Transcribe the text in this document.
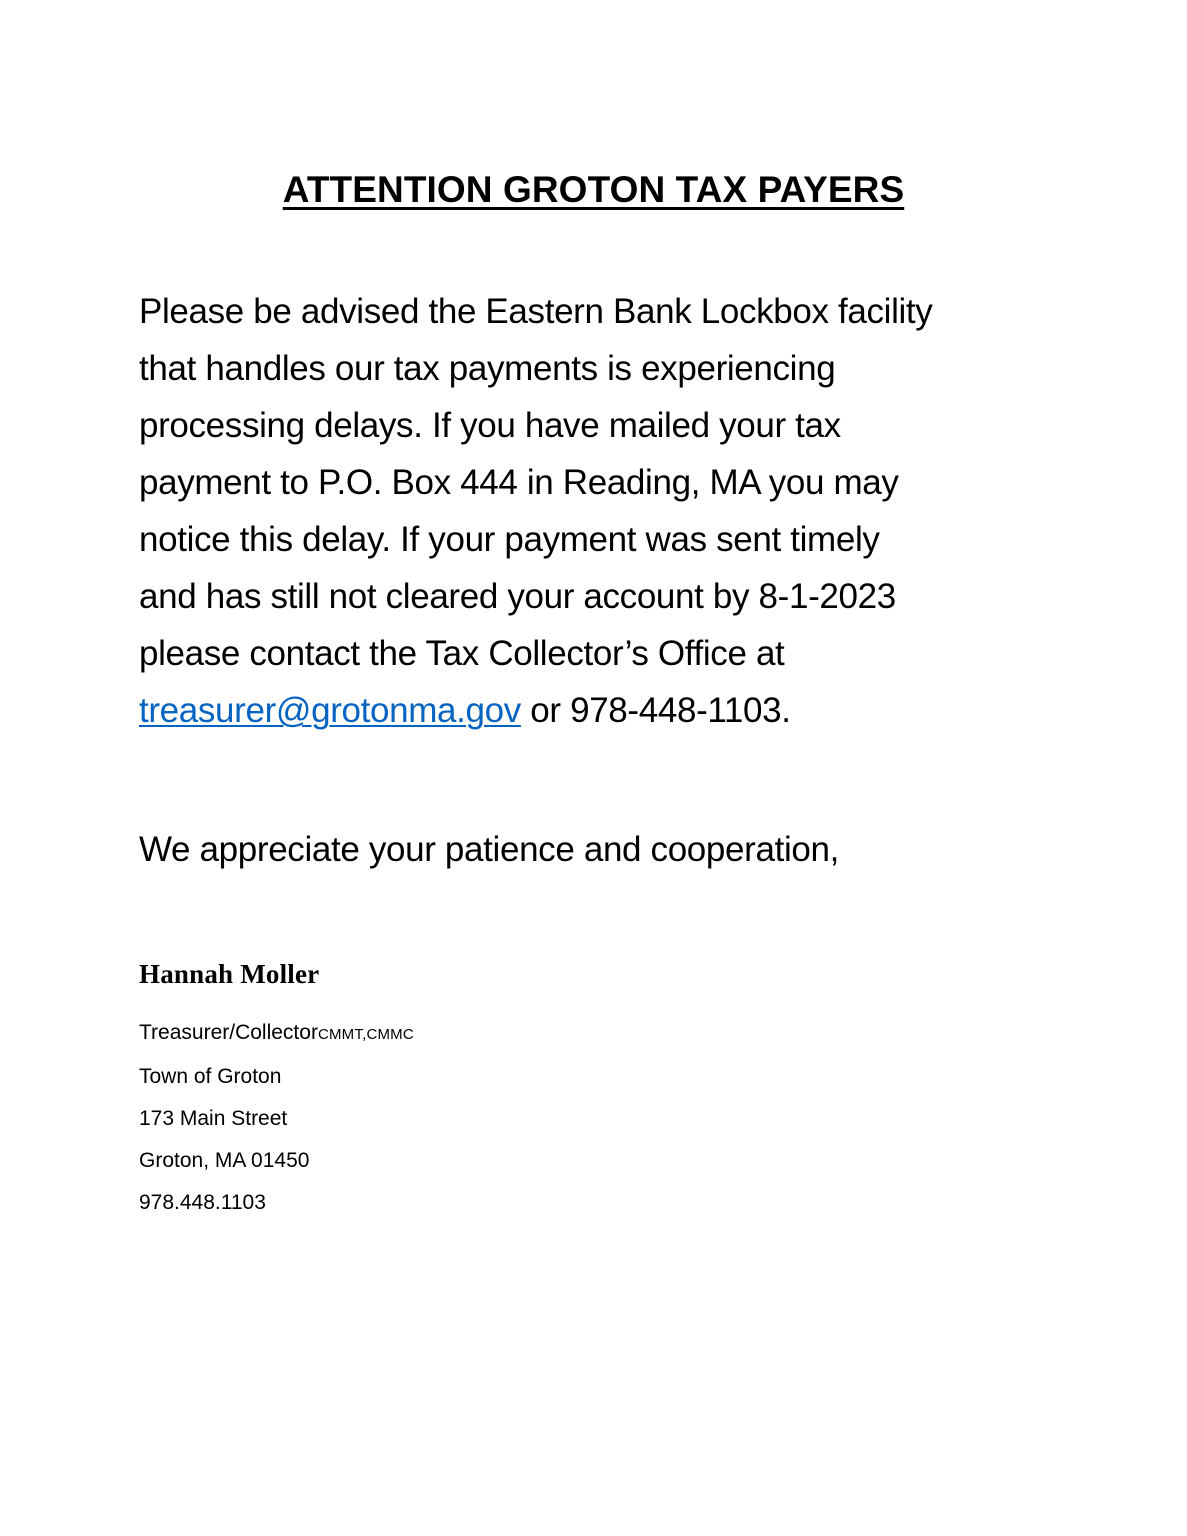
ATTENTION GROTON TAX PAYERS
Please be advised the Eastern Bank Lockbox facility
that handles our tax payments is experiencing
processing delays. If you have mailed your tax
payment to P.O. Box 444 in Reading, MA you may
notice this delay. If your payment was sent timely
and has still not cleared your account by 8-1-2023
please contact the Tax Collector’s Office at
treasurer@grotonma.gov or 978-448-1103.
We appreciate your patience and cooperation,
Hannah Moller
Treasurer/CollectorCMMT,CMMC
Town of Groton
173 Main Street
Groton, MA 01450
978.448.1103
